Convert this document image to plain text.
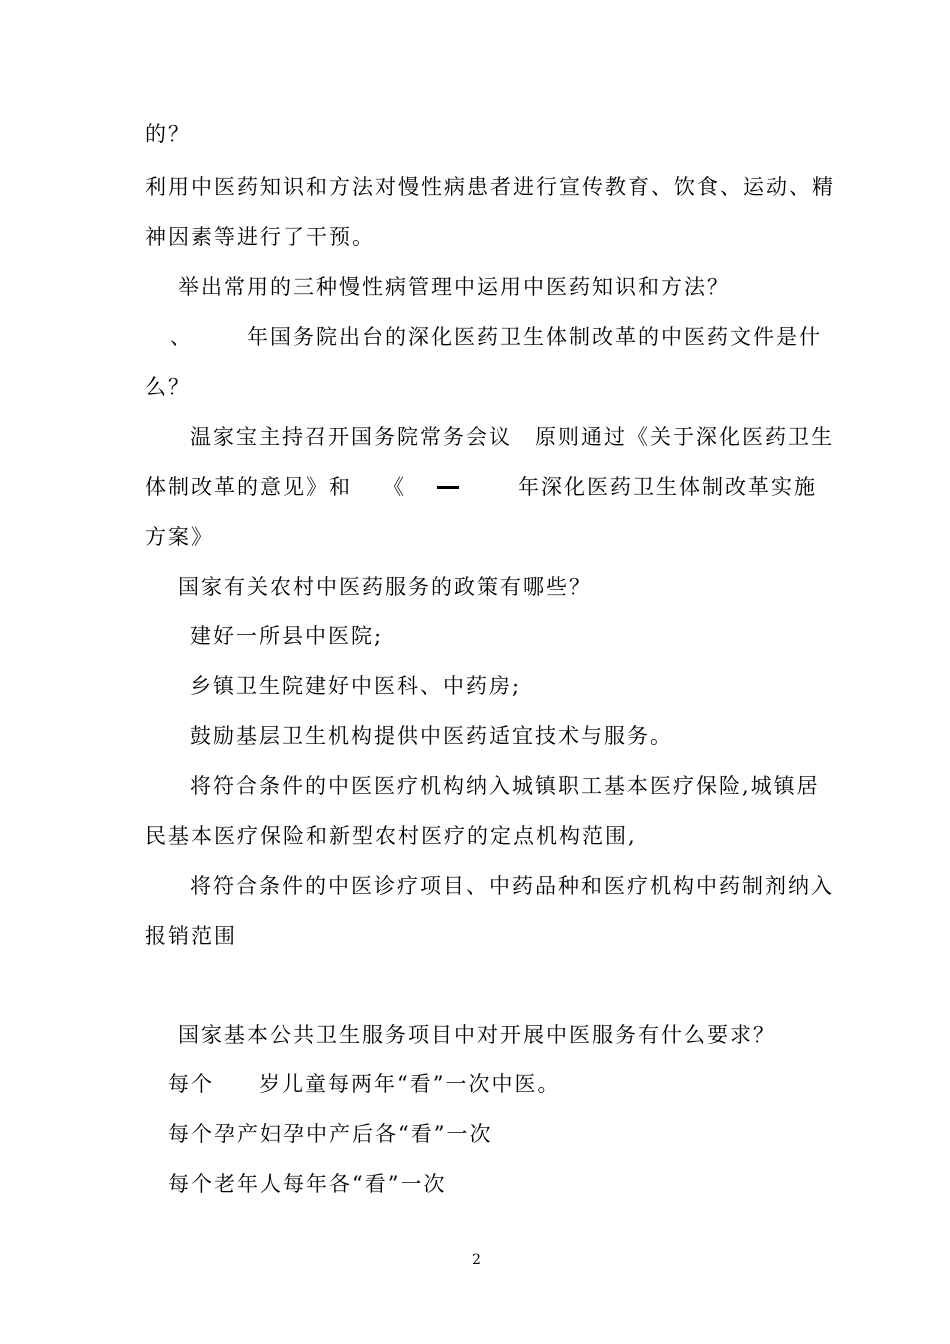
的？
利用中医药知识和方法对慢性病患者进行宣传教育、饮食、运动、精
神因素等进行了干预。
举出常用的三种慢性病管理中运用中医药知识和方法？
、	年国务院出台的深化医药卫生体制改革的中医药文件是什
么？
温家宝主持召开国务院常务会议　原则通过《关于深化医药卫生
体制改革的意见》和 《	年深化医药卫生体制改革实施
方案》
国家有关农村中医药服务的政策有哪些？
建好一所县中医院;
乡镇卫生院建好中医科、中药房;
鼓励基层卫生机构提供中医药适宜技术与服务。
将符合条件的中医医疗机构纳入城镇职工基本医疗保险,城镇居
民基本医疗保险和新型农村医疗的定点机构范围,
将符合条件的中医诊疗项目、中药品种和医疗机构中药制剂纳入
报销范围
国家基本公共卫生服务项目中对开展中医服务有什么要求？
每个 岁儿童每两年“看”一次中医。
每个孕产妇孕中产后各“看”一次
每个老年人每年各“看”一次
2
